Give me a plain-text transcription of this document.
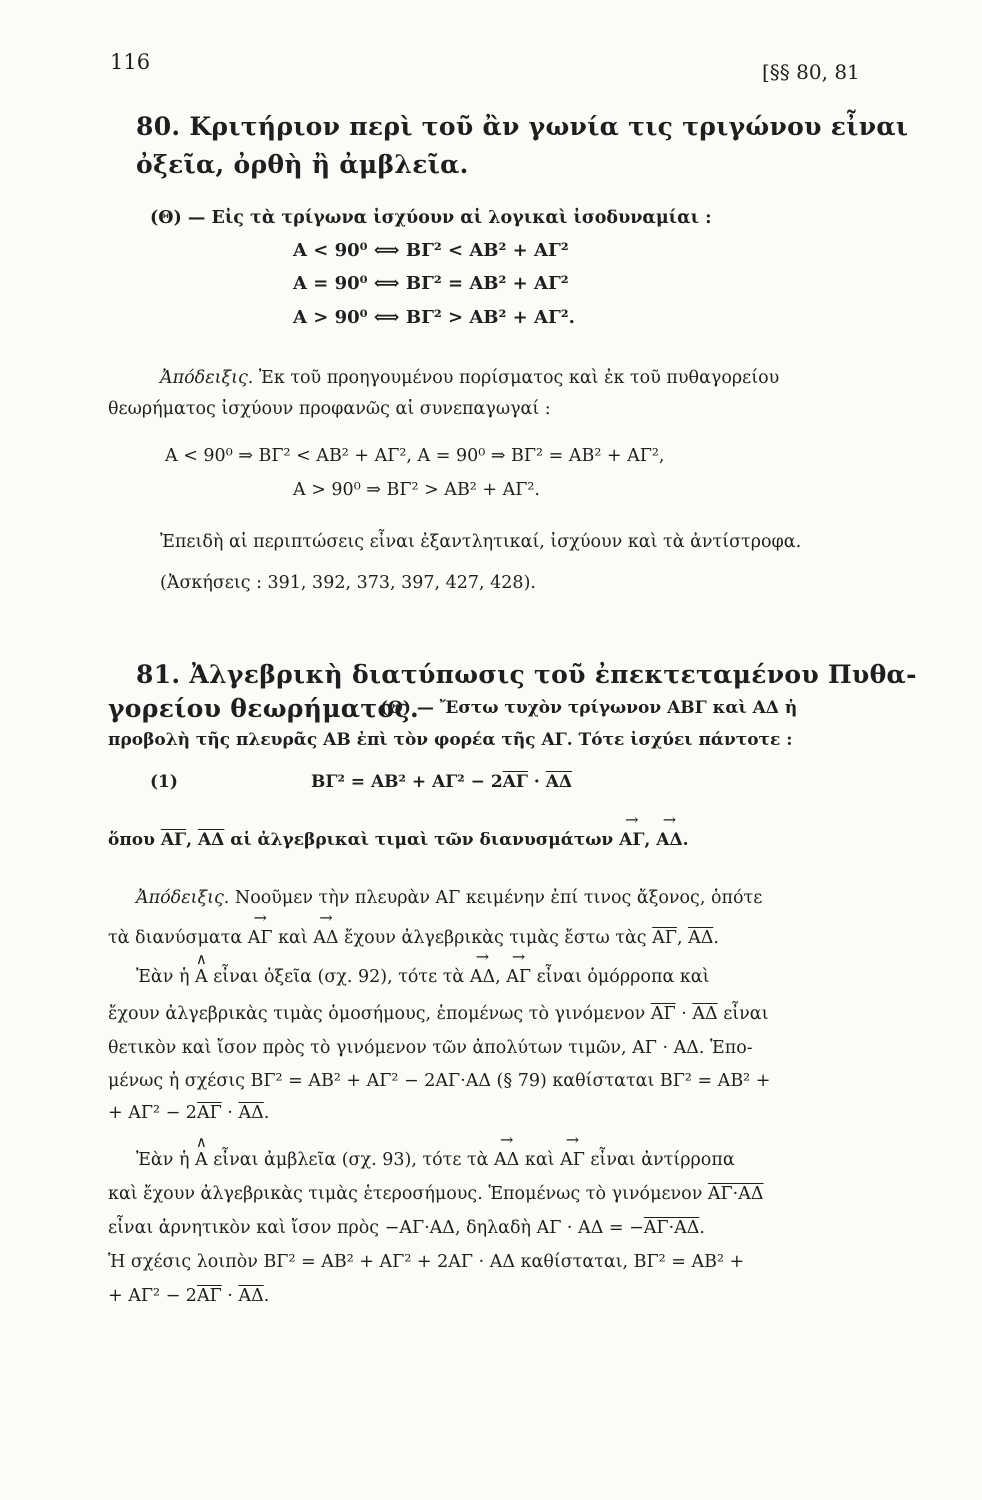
116	[§§ 80, 81
80. Κριτήριον περὶ τοῦ ἂν γωνία τις τριγώνου εἶναι
ὀξεῖα, ὀρθὴ ἢ ἀμβλεῖα.
(Θ) — Εἰς τὰ τρίγωνα ἰσχύουν αἱ λογικαὶ ἰσοδυναμίαι :
Α < 90⁰ ⟺ ΒΓ² < ΑΒ² + ΑΓ²
Α = 90⁰ ⟺ ΒΓ² = ΑΒ² + ΑΓ²
Α > 90⁰ ⟺ ΒΓ² > ΑΒ² + ΑΓ².
Ἀπόδειξις. Ἐκ τοῦ προηγουμένου πορίσματος καὶ ἐκ τοῦ πυθαγορείου
θεωρήματος ἰσχύουν προφανῶς αἱ συνεπαγωγαί :
Α < 90⁰ ⇒ ΒΓ² < ΑΒ² + ΑΓ², Α = 90⁰ ⇒ ΒΓ² = ΑΒ² + ΑΓ²,
Α > 90⁰ ⇒ ΒΓ² > ΑΒ² + ΑΓ².
Ἐπειδὴ αἱ περιπτώσεις εἶναι ἐξαντλητικαί, ἰσχύουν καὶ τὰ ἀντίστροφα.
(Ἀσκήσεις : 391, 392, 373, 397, 427, 428).
81. Ἀλγεβρικὴ διατύπωσις τοῦ ἐπεκτεταμένου Πυθα-
γορείου θεωρήματος.
(Θ) — Ἔστω τυχὸν τρίγωνον ΑΒΓ καὶ ΑΔ ἡ
προβολὴ τῆς πλευρᾶς ΑΒ ἐπὶ τὸν φορέα τῆς ΑΓ. Τότε ἰσχύει πάντοτε :
(1)	$B\Gamma^2 = AB^2 + A\Gamma^2 - 2\overline{A\Gamma} \cdot \overline{A\Delta}$
ὅπου $\overline{A\Gamma}$, $\overline{A\Delta}$ αἱ ἀλγεβρικαὶ τιμαὶ τῶν διανυσμάτων → ΑΓ, → ΑΔ.
Ἀπόδειξις. Νοοῦμεν τὴν πλευρὰν ΑΓ κειμένην ἐπί τινος ἄξονος, ὁπότε
τὰ διανύσματα → ΑΓ καὶ → ΑΔ ἔχουν ἀλγεβρικὰς τιμὰς ἔστω τὰς $\overline{A\Gamma}$, $\overline{A\Delta}$.
Ἐὰν ἡ ∧ Α εἶναι ὀξεῖα (σχ. 92), τότε τὰ → ΑΔ, → ΑΓ εἶναι ὁμόρροπα καὶ
ἔχουν ἀλγεβρικὰς τιμὰς ὁμοσήμους, ἑπομένως τὸ γινόμενον $\overline{A\Gamma} \cdot \overline{A\Delta}$ εἶναι
θετικὸν καὶ ἴσον πρὸς τὸ γινόμενον τῶν ἀπολύτων τιμῶν, ΑΓ · ΑΔ. Ἑπο-
μένως ἡ σχέσις ΒΓ² = ΑΒ² + ΑΓ² − 2ΑΓ·ΑΔ (§ 79) καθίσταται ΒΓ² = ΑΒ² +
+ $A\Gamma^2 - 2\overline{A\Gamma} \cdot \overline{A\Delta}$.
Ἐὰν ἡ ∧ Α εἶναι ἀμβλεῖα (σχ. 93), τότε τὰ → ΑΔ καὶ → ΑΓ εἶναι ἀντίρροπα
καὶ ἔχουν ἀλγεβρικὰς τιμὰς ἑτεροσήμους. Ἑπομένως τὸ γινόμενον ΑΓ·ΑΔ
εἶναι ἀρνητικὸν καὶ ἴσον πρὸς −ΑΓ·ΑΔ, δηλαδὴ ΑΓ · ΑΔ = −ΑΓ·ΑΔ.
Ἡ σχέσις λοιπὸν ΒΓ² = ΑΒ² + ΑΓ² + 2ΑΓ · ΑΔ καθίσταται, ΒΓ² = ΑΒ² +
+ $A\Gamma^2 - 2\overline{A\Gamma} \cdot \overline{A\Delta}$.
